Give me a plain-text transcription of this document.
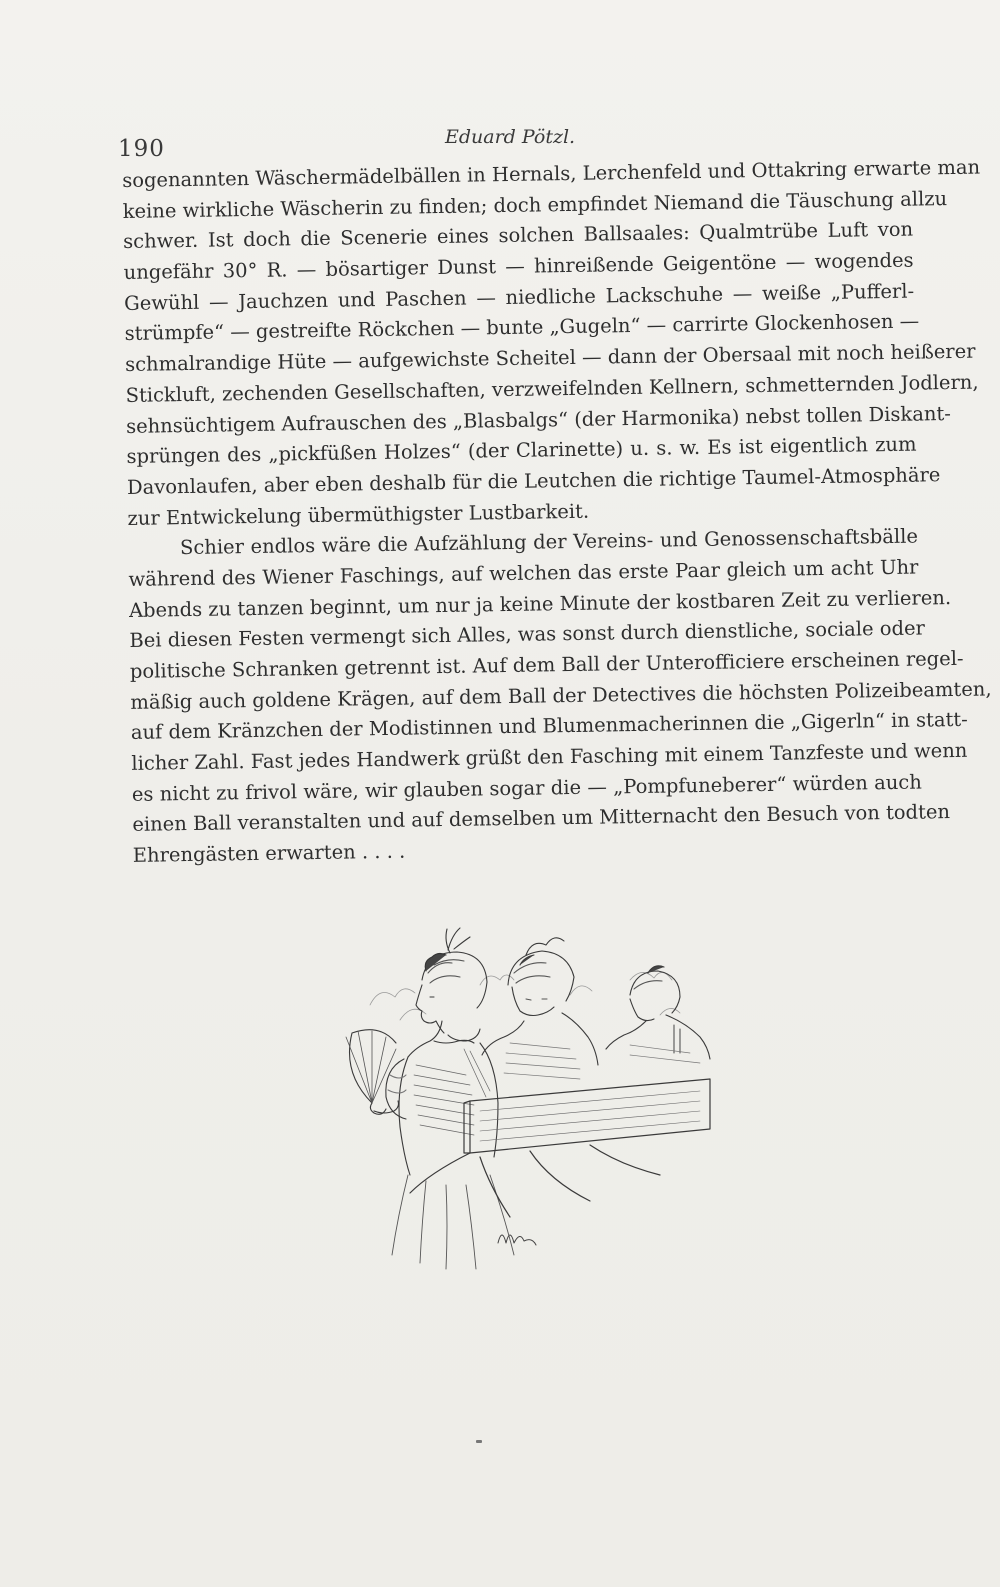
190	Eduard Pötzl.
sogenannten Wäschermädelbällen in Hernals, Lerchenfeld und Ottakring erwarte man
keine wirkliche Wäscherin zu finden; doch empfindet Niemand die Täuschung allzu
schwer. Ist doch die Scenerie eines solchen Ballsaales: Qualmtrübe Luft von
ungefähr 30° R. — bösartiger Dunst — hinreißende Geigentöne — wogendes
Gewühl — Jauchzen und Paschen — niedliche Lackschuhe — weiße „Pufferl-
strümpfe“ — gestreifte Röckchen — bunte „Gugeln“ — carrirte Glockenhosen —
schmalrandige Hüte — aufgewichste Scheitel — dann der Obersaal mit noch heißerer
Stickluft, zechenden Gesellschaften, verzweifelnden Kellnern, schmetternden Jodlern,
sehnsüchtigem Aufrauschen des „Blasbalgs“ (der Harmonika) nebst tollen Diskant-
sprüngen des „pickfüßen Holzes“ (der Clarinette) u. s. w. Es ist eigentlich zum
Davonlaufen, aber eben deshalb für die Leutchen die richtige Taumel-Atmosphäre
zur Entwickelung übermüthigster Lustbarkeit.
Schier endlos wäre die Aufzählung der Vereins- und Genossenschaftsbälle
während des Wiener Faschings, auf welchen das erste Paar gleich um acht Uhr
Abends zu tanzen beginnt, um nur ja keine Minute der kostbaren Zeit zu verlieren.
Bei diesen Festen vermengt sich Alles, was sonst durch dienstliche, sociale oder
politische Schranken getrennt ist. Auf dem Ball der Unterofficiere erscheinen regel-
mäßig auch goldene Krägen, auf dem Ball der Detectives die höchsten Polizeibeamten,
auf dem Kränzchen der Modistinnen und Blumenmacherinnen die „Gigerln“ in statt-
licher Zahl. Fast jedes Handwerk grüßt den Fasching mit einem Tanzfeste und wenn
es nicht zu frivol wäre, wir glauben sogar die — „Pompfuneberer“ würden auch
einen Ball veranstalten und auf demselben um Mitternacht den Besuch von todten
Ehrengästen erwarten . . . .
